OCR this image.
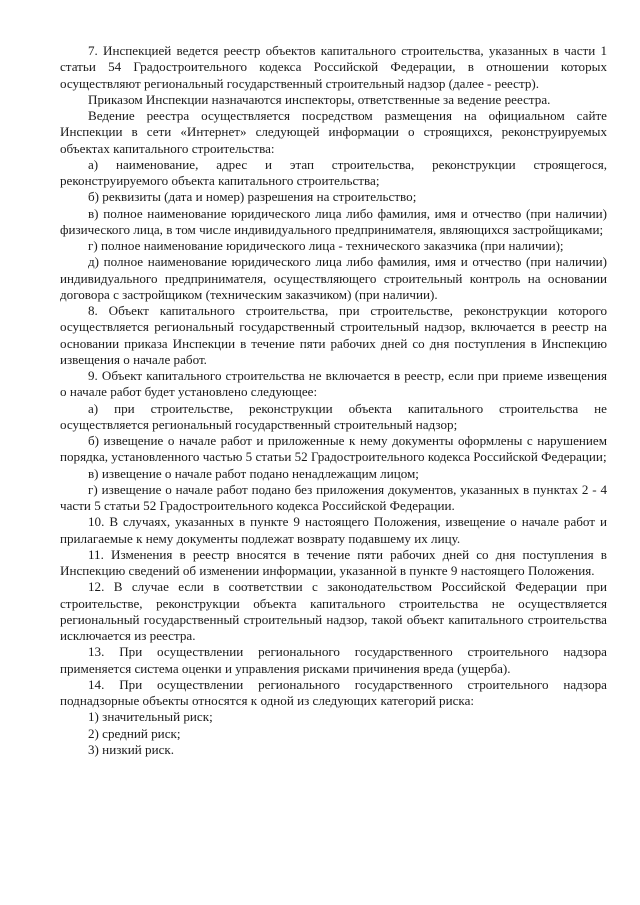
7. Инспекцией ведется реестр объектов капитального строительства, указанных в части 1 статьи 54 Градостроительного кодекса Российской Федерации, в отношении которых осуществляют региональный государственный строительный надзор (далее - реестр).

Приказом Инспекции назначаются инспекторы, ответственные за ведение реестра.

Ведение реестра осуществляется посредством размещения на официальном сайте Инспекции в сети «Интернет» следующей информации о строящихся, реконструируемых объектах капитального строительства:

а) наименование, адрес и этап строительства, реконструкции строящегося, реконструируемого объекта капитального строительства;

б) реквизиты (дата и номер) разрешения на строительство;

в) полное наименование юридического лица либо фамилия, имя и отчество (при наличии) физического лица, в том числе индивидуального предпринимателя, являющихся застройщиками;

г) полное наименование юридического лица - технического заказчика (при наличии);

д) полное наименование юридического лица либо фамилия, имя и отчество (при наличии) индивидуального предпринимателя, осуществляющего строительный контроль на основании договора с застройщиком (техническим заказчиком) (при наличии).

8. Объект капитального строительства, при строительстве, реконструкции которого осуществляется региональный государственный строительный надзор, включается в реестр на основании приказа Инспекции в течение пяти рабочих дней со дня поступления в Инспекцию извещения о начале работ.

9. Объект капитального строительства не включается в реестр, если при приеме извещения о начале работ будет установлено следующее:

а) при строительстве, реконструкции объекта капитального строительства не осуществляется региональный государственный строительный надзор;

б) извещение о начале работ и приложенные к нему документы оформлены с нарушением порядка, установленного частью 5 статьи 52 Градостроительного кодекса Российской Федерации;

в) извещение о начале работ подано ненадлежащим лицом;

г) извещение о начале работ подано без приложения документов, указанных в пунктах 2 - 4 части 5 статьи 52 Градостроительного кодекса Российской Федерации.

10. В случаях, указанных в пункте 9 настоящего Положения, извещение о начале работ и прилагаемые к нему документы подлежат возврату подавшему их лицу.

11. Изменения в реестр вносятся в течение пяти рабочих дней со дня поступления в Инспекцию сведений об изменении информации, указанной в пункте 9 настоящего Положения.

12. В случае если в соответствии с законодательством Российской Федерации при строительстве, реконструкции объекта капитального строительства не осуществляется региональный государственный строительный надзор, такой объект капитального строительства исключается из реестра.

13. При осуществлении регионального государственного строительного надзора применяется система оценки и управления рисками причинения вреда (ущерба).

14. При осуществлении регионального государственного строительного надзора поднадзорные объекты относятся к одной из следующих категорий риска:

1) значительный риск;

2) средний риск;

3) низкий риск.
